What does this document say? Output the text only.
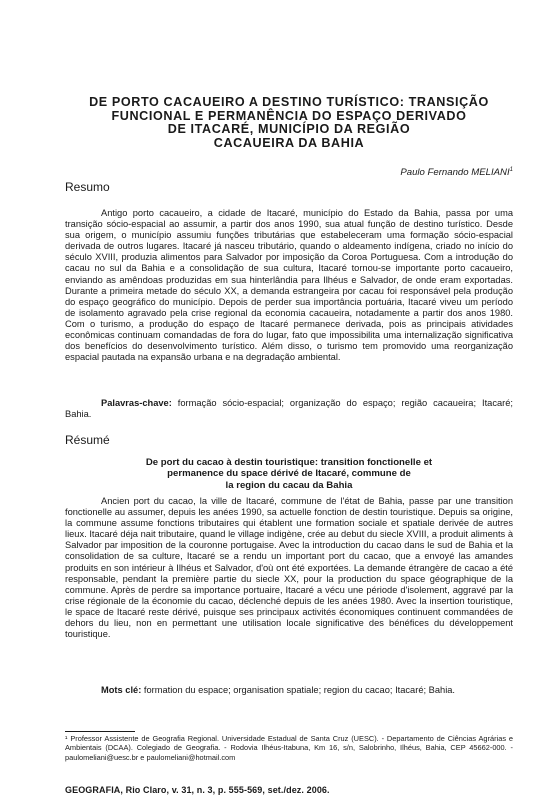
DE PORTO CACAUEIRO A DESTINO TURÍSTICO: TRANSIÇÃO
FUNCIONAL E PERMANÊNCIA DO ESPAÇO DERIVADO
DE ITACARÉ, MUNICÍPIO DA REGIÃO
CACAUEIRA DA BAHIA
Paulo Fernando MELIANI$^1$
Resumo

Antigo porto cacaueiro, a cidade de Itacaré, município do Estado da Bahia, passa por uma transição sócio-espacial ao assumir, a partir dos anos 1990, sua atual função de destino turístico. Desde sua origem, o município assumiu funções tributárias que estabeleceram uma formação sócio-espacial derivada de outros lugares. Itacaré já nasceu tributário, quando o aldeamento indígena, criado no início do século XVIII, produzia alimentos para Salvador por imposição da Coroa Portuguesa. Com a introdução do cacau no sul da Bahia e a consolidação de sua cultura, Itacaré tornou-se importante porto cacaueiro, enviando as amêndoas produzidas em sua hinterlândia para Ilhéus e Salvador, de onde eram exportadas. Durante a primeira metade do século XX, a demanda estrangeira por cacau foi responsável pela produção do espaço geográfico do município. Depois de perder sua importância portuária, Itacaré viveu um período de isolamento agravado pela crise regional da economia cacaueira, notadamente a partir dos anos 1980. Com o turismo, a produção do espaço de Itacaré permanece derivada, pois as principais atividades econômicas continuam comandadas de fora do lugar, fato que impossibilita uma internalização significativa dos benefícios do desenvolvimento turístico. Além disso, o turismo tem promovido uma reorganização espacial pautada na expansão urbana e na degradação ambiental.

Palavras-chave: formação sócio-espacial; organização do espaço; região cacaueira; Itacaré; Bahia.

Résumé
De port du cacao à destin touristique: transition fonctionelle et
permanence du space dérivé de Itacaré, commune de
la region du cacau da Bahia

Ancien port du cacao, la ville de Itacaré, commune de l'état de Bahia, passe par une transition fonctionelle au assumer, depuis les anées 1990, sa actuelle fonction de destin touristique. Depuis sa origine, la commune assume fonctions tributaires qui établent une formation sociale et spatiale derivée de autres lieux. Itacaré déja nait tributaire, quand le village indigène, crée au debut du siecle XVIII, a produit aliments à Salvador par imposition de la couronne portugaise. Avec la introduction du cacao dans le sud de Bahia et la consolidation de sa culture, Itacaré se a rendu un important port du cacao, que a envoyé las amandes produits en son intérieur à Ilhéus et Salvador, d'où ont été exportées. La demande étrangère de cacao a été responsable, pendant la première partie du siecle XX, pour la production du space géographique de la commune. Après de perdre sa importance portuaire, Itacaré a vécu une période d'isolement, aggravé par la crise régionale de la économie du cacao, déclenché depuis de les anées 1980. Avec la insertion touristique, le space de Itacaré reste dérivé, puisque ses principaux activités économiques continuent commandées de dehors du lieu, non en permettant une utilisation locale significative des bénéfices du développement touristique.

Mots clé: formation du espace; organisation spatiale; region du cacao; Itacaré; Bahia.

¹ Professor Assistente de Geografia Regional. Universidade Estadual de Santa Cruz (UESC). - Departamento de Ciências Agrárias e Ambientais (DCAA). Colegiado de Geografia. - Rodovia Ilhéus-Itabuna, Km 16, s/n, Salobrinho, Ilhéus, Bahia, CEP 45662-000. - paulomeliani@uesc.br e paulomeliani@hotmail.com

GEOGRAFIA, Rio Claro, v. 31, n. 3, p. 555-569, set./dez. 2006.
